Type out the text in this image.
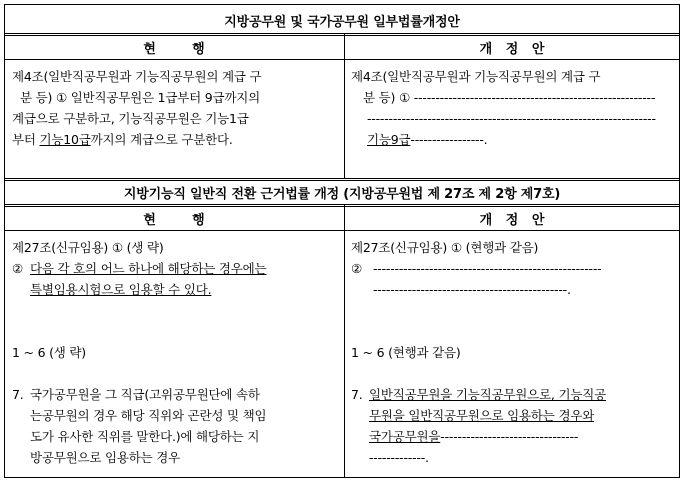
지방공무원 및 국가공무원 일부법률개정안
현        행	개   정   안
제4조(일반직공무원과 기능직공무원의 계급 구
분 등) ① 일반직공무원은 1급부터 9급까지의
계급으로 구분하고, 기능직공무원은 기능1급
부터 기능10급까지의 계급으로 구분한다.
제4조(일반직공무원과 기능직공무원의 계급 구
분 등) ① --------------------------------------------------------
-------------------------------------------------------------------
기능9급-----------------.
지방기능직 일반직 전환 근거법률 개정 (지방공무원법 제 27조 제 2항 제7호)
현        행	개   정   안
제27조(신규임용) ① (생 략)
② 다음 각 호의 어느 하나에 해당하는 경우에는
특별임용시험으로 임용할 수 있다.
1 ~ 6 (생 략)
7. 국가공무원을 그 직급(고위공무원단에 속하
는공무원의 경우 해당 직위와 곤란성 및 책임
도가 유사한 직위를 말한다.)에 해당하는 지
방공무원으로 임용하는 경우
제27조(신규임용) ① (현행과 같음)
② -----------------------------------------------------
---------------------------------------------.
1 ~ 6 (현행과 같음)
7. 일반직공무원을 기능직공무원으로, 기능직공
무원을 일반직공무원으로 임용하는 경우와
국가공무원을--------------------------------
-------------.
